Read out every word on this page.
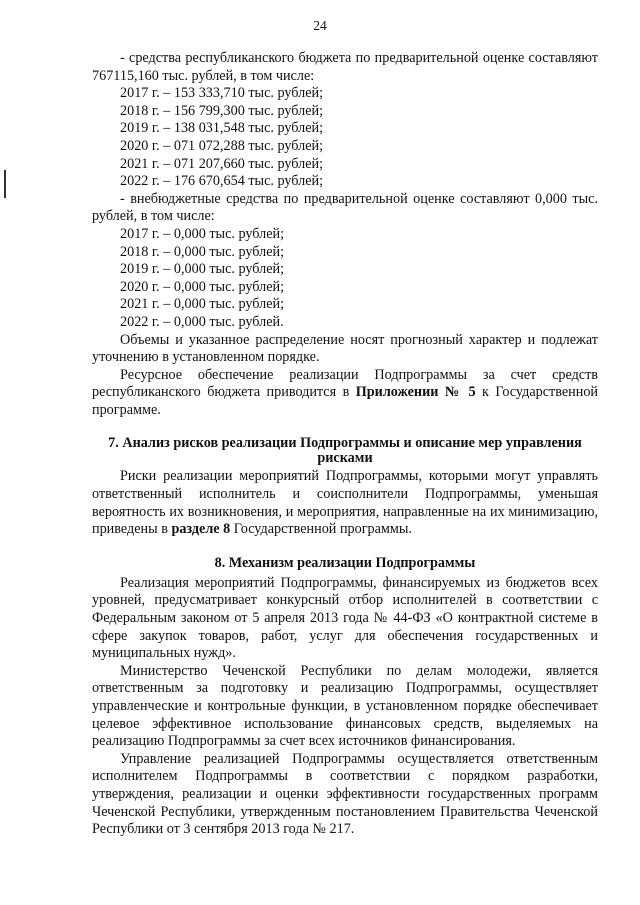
24

- средства республиканского бюджета по предварительной оценке составляют 767115,160 тыс. рублей, в том числе:

2017 г. – 153 333,710 тыс. рублей;

2018 г. – 156 799,300 тыс. рублей;

2019 г. – 138 031,548 тыс. рублей;

2020 г. – 071 072,288 тыс. рублей;

2021 г. – 071 207,660 тыс. рублей;

2022 г. – 176 670,654 тыс. рублей;

- внебюджетные средства по предварительной оценке составляют 0,000 тыс. рублей, в том числе:

2017 г. – 0,000 тыс. рублей;

2018 г. – 0,000 тыс. рублей;

2019 г. – 0,000 тыс. рублей;

2020 г. – 0,000 тыс. рублей;

2021 г. – 0,000 тыс. рублей;

2022 г. – 0,000 тыс. рублей.

Объемы и указанное распределение носят прогнозный характер и подлежат уточнению в установленном порядке.

Ресурсное обеспечение реализации Подпрограммы за счет средств республиканского бюджета приводится в Приложении № 5 к Государственной программе.

7. Анализ рисков реализации Подпрограммы и описание мер управления рисками

Риски реализации мероприятий Подпрограммы, которыми могут управлять ответственный исполнитель и соисполнители Подпрограммы, уменьшая вероятность их возникновения, и мероприятия, направленные на их минимизацию, приведены в разделе 8 Государственной программы.

8. Механизм реализации Подпрограммы

Реализация мероприятий Подпрограммы, финансируемых из бюджетов всех уровней, предусматривает конкурсный отбор исполнителей в соответствии с Федеральным законом от 5 апреля 2013 года № 44-ФЗ «О контрактной системе в сфере закупок товаров, работ, услуг для обеспечения государственных и муниципальных нужд».

Министерство Чеченской Республики по делам молодежи, является ответственным за подготовку и реализацию Подпрограммы, осуществляет управленческие и контрольные функции, в установленном порядке обеспечивает целевое эффективное использование финансовых средств, выделяемых на реализацию Подпрограммы за счет всех источников финансирования.

Управление реализацией Подпрограммы осуществляется ответственным исполнителем Подпрограммы в соответствии с порядком разработки, утверждения, реализации и оценки эффективности государственных программ Чеченской Республики, утвержденным постановлением Правительства Чеченской Республики от 3 сентября 2013 года № 217.
